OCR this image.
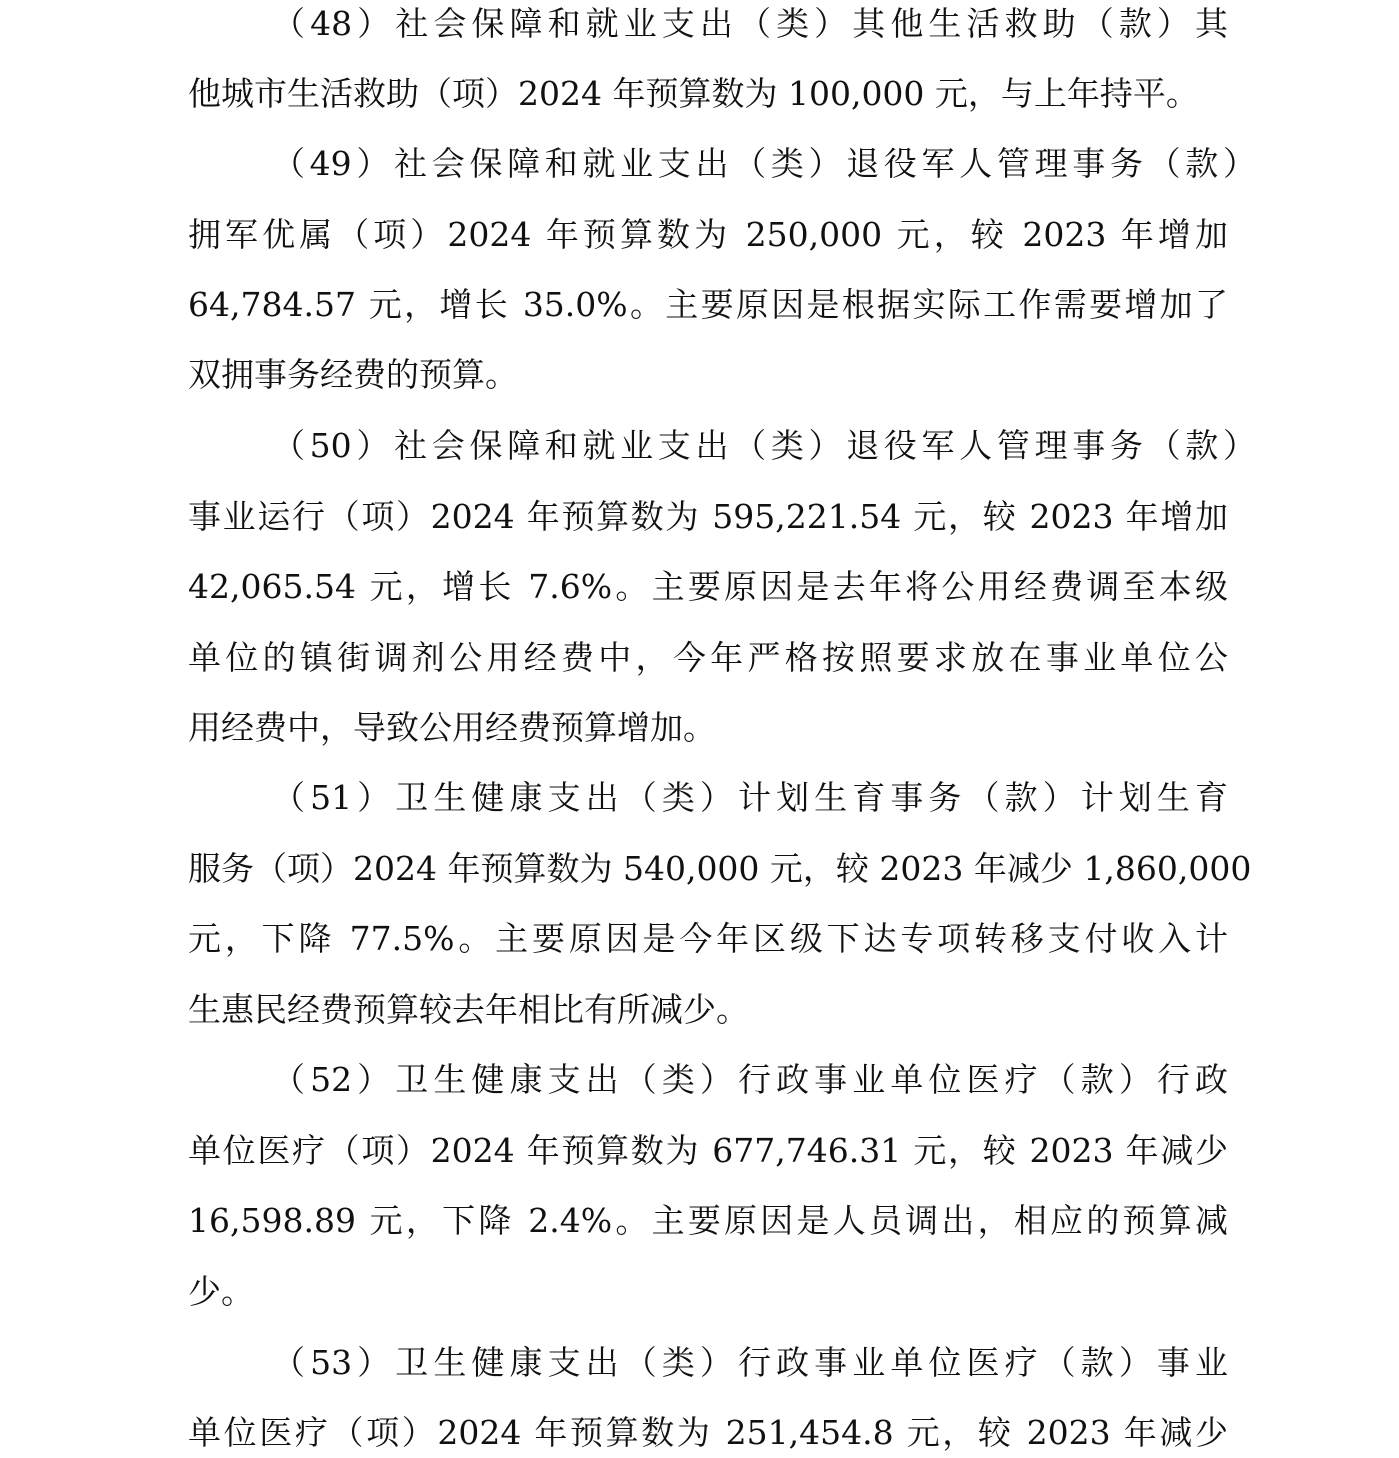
（48）社会保障和就业支出（类）其他生活救助（款）其
他城市生活救助（项）2024 年预算数为 100,000 元，与上年持平。
（49）社会保障和就业支出（类）退役军人管理事务（款）
拥军优属（项）2024 年预算数为 250,000 元，较 2023 年增加
64,784.57 元，增长 35.0%。主要原因是根据实际工作需要增加了
双拥事务经费的预算。
（50）社会保障和就业支出（类）退役军人管理事务（款）
事业运行（项）2024 年预算数为 595,221.54 元，较 2023 年增加
42,065.54 元，增长 7.6%。主要原因是去年将公用经费调至本级
单位的镇街调剂公用经费中，今年严格按照要求放在事业单位公
用经费中，导致公用经费预算增加。
（51）卫生健康支出（类）计划生育事务（款）计划生育
服务（项）2024 年预算数为 540,000 元，较 2023 年减少 1,860,000
元，下降 77.5%。主要原因是今年区级下达专项转移支付收入计
生惠民经费预算较去年相比有所减少。
（52）卫生健康支出（类）行政事业单位医疗（款）行政
单位医疗（项）2024 年预算数为 677,746.31 元，较 2023 年减少
16,598.89 元，下降 2.4%。主要原因是人员调出，相应的预算减
少。
（53）卫生健康支出（类）行政事业单位医疗（款）事业
单位医疗（项）2024 年预算数为 251,454.8 元，较 2023 年减少
